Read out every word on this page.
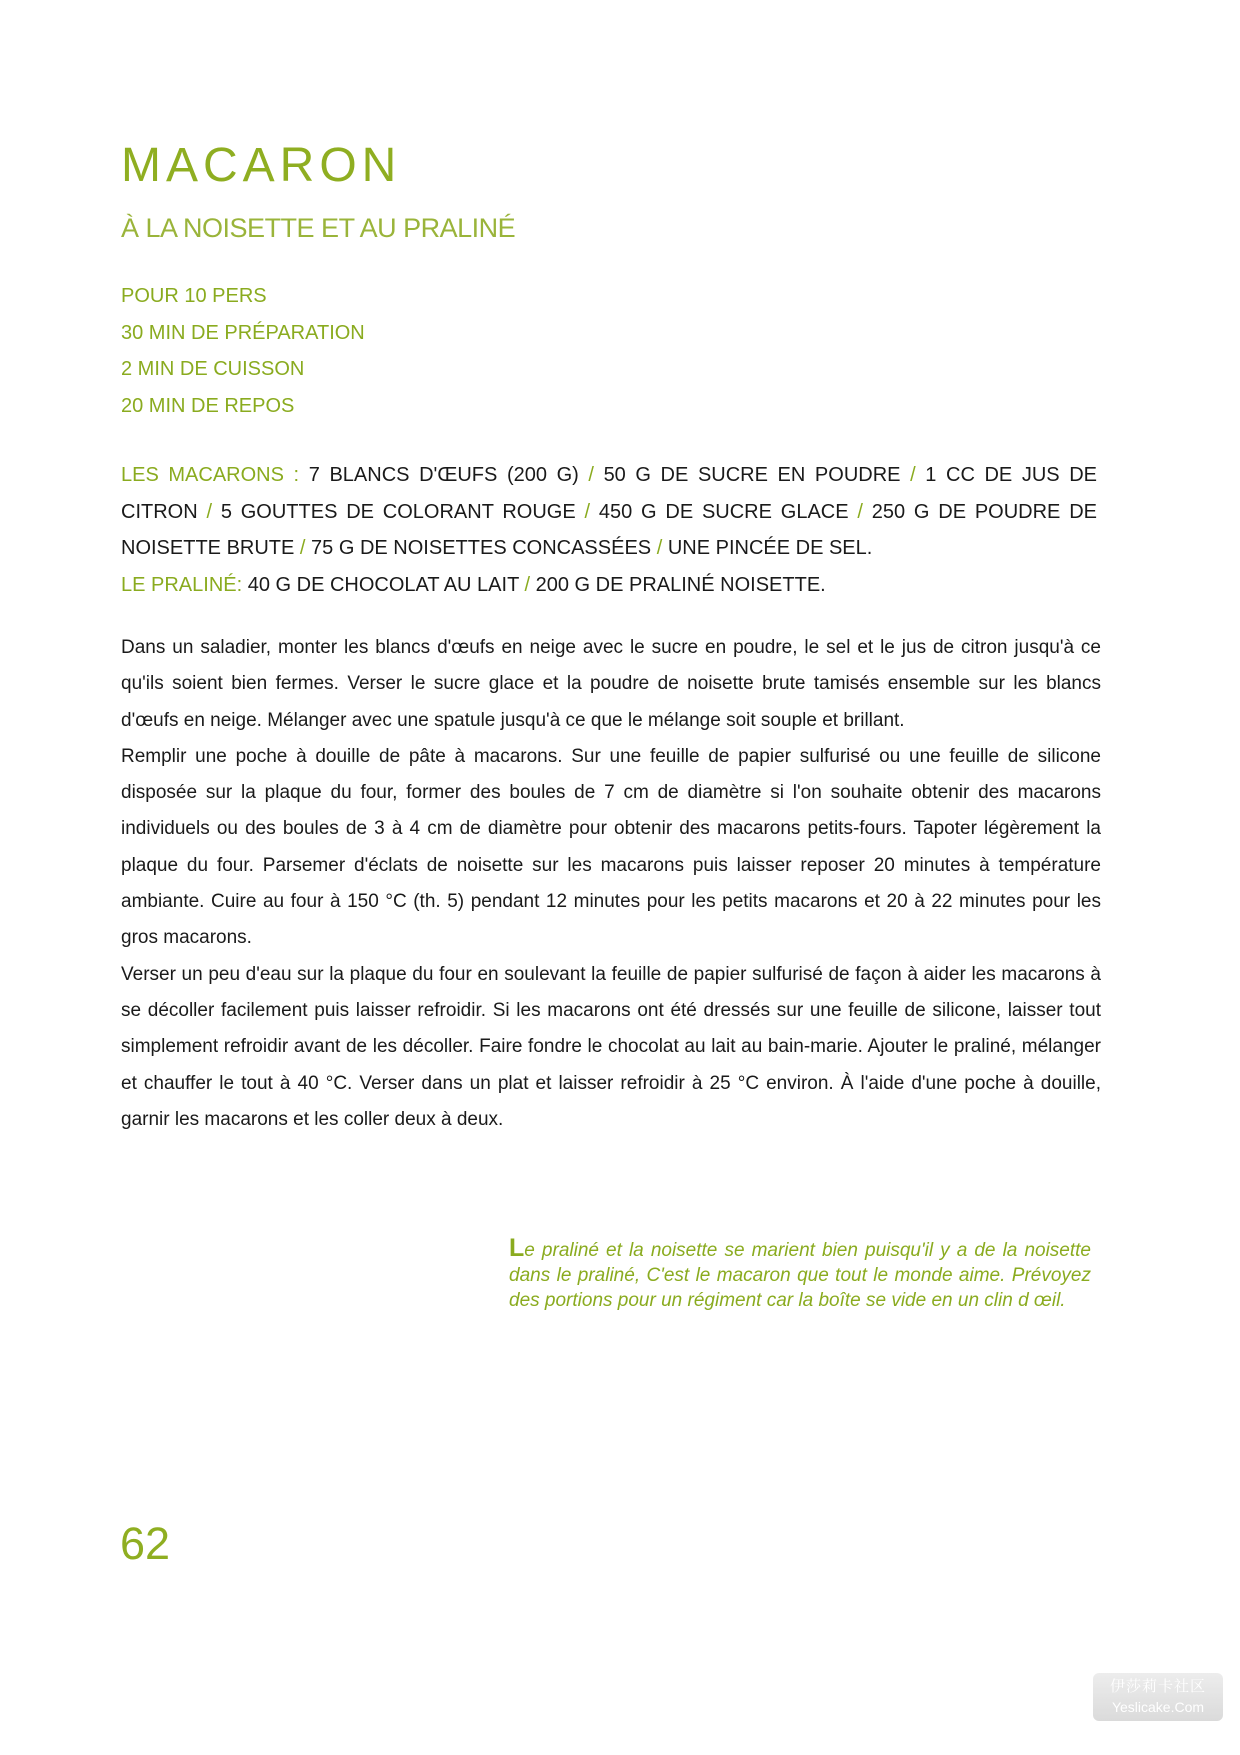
MACARON
À LA NOISETTE ET AU PRALINÉ
POUR 10 PERS
30 MIN DE PRÉPARATION
2 MIN DE CUISSON
20 MIN DE REPOS
LES MACARONS : 7 BLANCS D'ŒUFS (200 G) / 50 G DE SUCRE EN POUDRE / 1 CC DE JUS DE CITRON / 5 GOUTTES DE COLORANT ROUGE / 450 G DE SUCRE GLACE / 250 G DE POUDRE DE NOISETTE BRUTE / 75 G DE NOISETTES CONCASSÉES / UNE PINCÉE DE SEL.
LE PRALINÉ: 40 G DE CHOCOLAT AU LAIT / 200 G DE PRALINÉ NOISETTE.

Dans un saladier, monter les blancs d'œufs en neige avec le sucre en poudre, le sel et le jus de citron jusqu'à ce qu'ils soient bien fermes. Verser le sucre glace et la poudre de noisette brute tamisés ensemble sur les blancs d'œufs en neige. Mélanger avec une spatule jusqu'à ce que le mélange soit souple et brillant.

Remplir une poche à douille de pâte à macarons. Sur une feuille de papier sulfurisé ou une feuille de silicone disposée sur la plaque du four, former des boules de 7 cm de diamètre si l'on souhaite obtenir des macarons individuels ou des boules de 3 à 4 cm de diamètre pour obtenir des macarons petits-fours. Tapoter légèrement la plaque du four. Parsemer d'éclats de noisette sur les macarons puis laisser reposer 20 minutes à température ambiante. Cuire au four à 150 °C (th. 5) pendant 12 minutes pour les petits macarons et 20 à 22 minutes pour les gros macarons.

Verser un peu d'eau sur la plaque du four en soulevant la feuille de papier sulfurisé de façon à aider les macarons à se décoller facilement puis laisser refroidir. Si les macarons ont été dressés sur une feuille de silicone, laisser tout simplement refroidir avant de les décoller. Faire fondre le chocolat au lait au bain-marie. Ajouter le praliné, mélanger et chauffer le tout à 40 °C. Verser dans un plat et laisser refroidir à 25 °C environ. À l'aide d'une poche à douille, garnir les macarons et les coller deux à deux.

Le praliné et la noisette se marient bien puisqu'il y a de la noisette dans le praliné, C'est le macaron que tout le monde aime. Prévoyez des portions pour un régiment car la boîte se vide en un clin d œil.

62
伊莎莉卡社区
Yeslicake.Com
